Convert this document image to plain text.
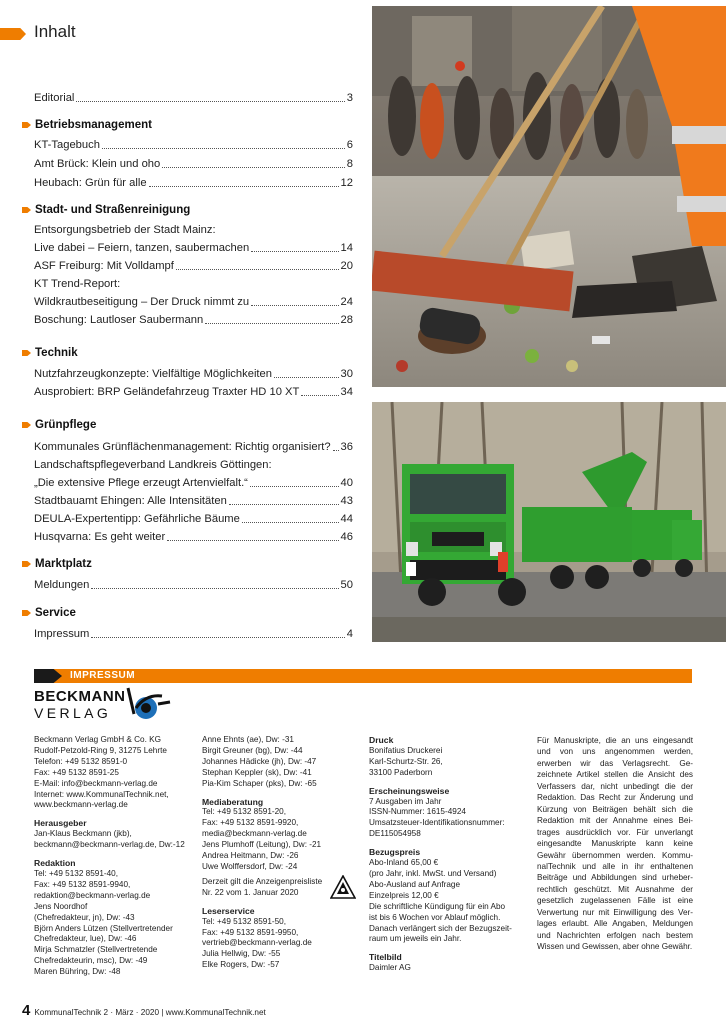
Inhalt
Editorial	3
Betriebsmanagement
KT-Tagebuch	6
Amt Brück: Klein und oho	8
Heubach: Grün für alle	12
Stadt- und Straßenreinigung
Entsorgungsbetrieb der Stadt Mainz:
Live dabei – Feiern, tanzen, saubermachen	14
ASF Freiburg: Mit Volldampf	20
KT Trend-Report:
Wildkrautbeseitigung – Der Druck nimmt zu	24
Boschung: Lautloser Saubermann	28
Technik
Nutzfahrzeugkonzepte: Vielfältige Möglichkeiten	30
Ausprobiert: BRP Geländefahrzeug Traxter HD 10 XT	34
Grünpflege
Kommunales Grünflächenmanagement: Richtig organisiert? 36
Landschaftspflegeverband Landkreis Göttingen:
„Die extensive Pflege erzeugt Artenvielfalt.“	40
Stadtbauamt Ehingen: Alle Intensitäten	43
DEULA-Expertentipp: Gefährliche Bäume	44
Husqvarna: Es geht weiter	46
Marktplatz
Meldungen	50
Service
Impressum	4
IMPRESSUM
BECKMANN
VERLAG
Beckmann Verlag GmbH & Co. KG
Rudolf-Petzold-Ring 9, 31275 Lehrte
Telefon: +49 5132 8591-0
Fax: +49 5132 8591-25
E-Mail: info@beckmann-verlag.de
Internet: www.KommunalTechnik.net,
www.beckmann-verlag.de
Herausgeber
Jan-Klaus Beckmann (jkb),
beckmann@beckmann-verlag.de, Dw:-12
Redaktion
Tel: +49 5132 8591-40,
Fax: +49 5132 8591-9940,
redaktion@beckmann-verlag.de
Jens Noordhof
(Chefredakteur, jn), Dw: -43
Björn Anders Lützen (Stellvertretender
Chefredakteur, lue), Dw: -46
Mirja Schmatzler (Stellvertretende
Chefredakteurin, msc), Dw: -49
Maren Bühring, Dw: -48
Anne Ehnts (ae), Dw: -31
Birgit Greuner (bg), Dw: -44
Johannes Hädicke (jh), Dw: -47
Stephan Keppler (sk), Dw: -41
Pia-Kim Schaper (pks), Dw: -65
Mediaberatung
Tel: +49 5132 8591-20,
Fax: +49 5132 8591-9920,
media@beckmann-verlag.de
Jens Plumhoff (Leitung), Dw: -21
Andrea Heitmann, Dw: -26
Uwe Wolffersdorf, Dw: -24
Derzeit gilt die Anzeigenpreisliste
Nr. 22 vom 1. Januar 2020
Leserservice
Tel: +49 5132 8591-50,
Fax: +49 5132 8591-9950,
vertrieb@beckmann-verlag.de
Julia Hellwig, Dw: -55
Elke Rogers, Dw: -57
Druck
Bonifatius Druckerei
Karl-Schurtz-Str. 26,
33100 Paderborn
Erscheinungsweise
7 Ausgaben im Jahr
ISSN-Nummer: 1615-4924
Umsatzsteuer-Identifikationsnummer:
DE115054958
Bezugspreis
Abo-Inland 65,00 €
(pro Jahr, inkl. MwSt. und Versand)
Abo-Ausland auf Anfrage
Einzelpreis 12,00 €
Die schriftliche Kündigung für ein Abo
ist bis 6 Wochen vor Ablauf möglich.
Danach verlängert sich der Bezugszeit-
raum um jeweils ein Jahr.
Titelbild
Daimler AG
Für Manuskripte, die an uns eingesandt
und von uns angenommen werden,
erwerben wir das Verlagsrecht. Ge-
zeichnete Artikel stellen die Ansicht des
Verfassers dar, nicht unbedingt die der
Redaktion. Das Recht zur Änderung und
Kürzung von Beiträgen behält sich die
Redaktion mit der Annahme eines Bei-
trages ausdrücklich vor. Für unverlangt
eingesandte Manuskripte kann keine
Gewähr übernommen werden. Kommu-
nalTechnik und alle in ihr enthaltenen
Beiträge und Abbildungen sind urheber-
rechtlich geschützt. Mit Ausnahme der
gesetzlich zugelassenen Fälle ist eine
Verwertung nur mit Einwilligung des Ver-
lages erlaubt. Alle Angaben, Meldungen
und Nachrichten erfolgen nach bestem
Wissen und Gewissen, aber ohne Gewähr.
4 KommunalTechnik 2 · März · 2020 | www.KommunalTechnik.net
